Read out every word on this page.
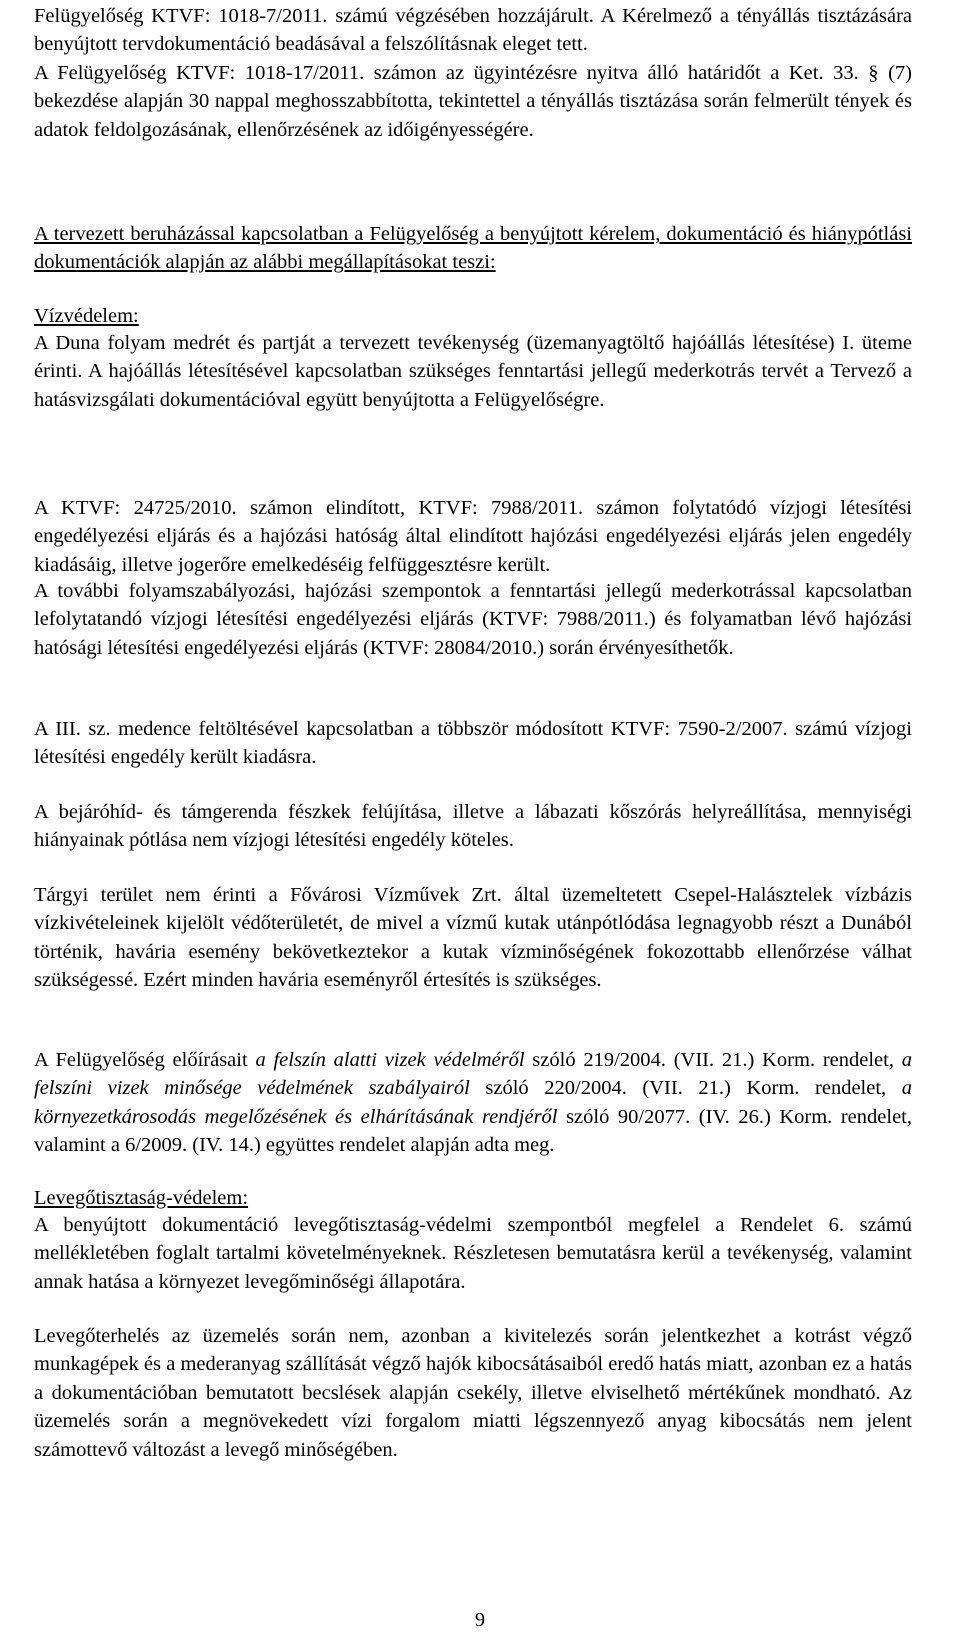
Felügyelőség KTVF: 1018-7/2011. számú végzésében hozzájárult. A Kérelmező a tényállás tisztázására benyújtott tervdokumentáció beadásával a felszólításnak eleget tett.

A Felügyelőség KTVF: 1018-17/2011. számon az ügyintézésre nyitva álló határidőt a Ket. 33. § (7) bekezdése alapján 30 nappal meghosszabbította, tekintettel a tényállás tisztázása során felmerült tények és adatok feldolgozásának, ellenőrzésének az időigényességére.

A tervezett beruházással kapcsolatban a Felügyelőség a benyújtott kérelem, dokumentáció és hiánypótlási dokumentációk alapján az alábbi megállapításokat teszi:

Vízvédelem:

A Duna folyam medrét és partját a tervezett tevékenység (üzemanyagtöltő hajóállás létesítése) I. üteme érinti. A hajóállás létesítésével kapcsolatban szükséges fenntartási jellegű mederkotrás tervét a Tervező a hatásvizsgálati dokumentációval együtt benyújtotta a Felügyelőségre.

A KTVF: 24725/2010. számon elindított, KTVF: 7988/2011. számon folytatódó vízjogi létesítési engedélyezési eljárás és a hajózási hatóság által elindított hajózási engedélyezési eljárás jelen engedély kiadásáig, illetve jogerőre emelkedéséig felfüggesztésre került.

A további folyamszabályozási, hajózási szempontok a fenntartási jellegű mederkotrással kapcsolatban lefolytatandó vízjogi létesítési engedélyezési eljárás (KTVF: 7988/2011.) és folyamatban lévő hajózási hatósági létesítési engedélyezési eljárás (KTVF: 28084/2010.) során érvényesíthetők.

A III. sz. medence feltöltésével kapcsolatban a többször módosított KTVF: 7590-2/2007. számú vízjogi létesítési engedély került kiadásra.

A bejáróhíd- és támgerenda fészkek felújítása, illetve a lábazati kőszórás helyreállítása, mennyiségi hiányainak pótlása nem vízjogi létesítési engedély köteles.

Tárgyi terület nem érinti a Fővárosi Vízművek Zrt. által üzemeltetett Csepel-Halásztelek vízbázis vízkivételeinek kijelölt védőterületét, de mivel a vízmű kutak utánpótlódása legnagyobb részt a Dunából történik, havária esemény bekövetkeztekor a kutak vízminőségének fokozottabb ellenőrzése válhat szükségessé. Ezért minden havária eseményről értesítés is szükséges.

A Felügyelőség előírásait a felszín alatti vizek védelméről szóló 219/2004. (VII. 21.) Korm. rendelet, a felszíni vizek minősége védelmének szabályairól szóló 220/2004. (VII. 21.) Korm. rendelet, a környezetkárosodás megelőzésének és elhárításának rendjéről szóló 90/2077. (IV. 26.) Korm. rendelet, valamint a 6/2009. (IV. 14.) együttes rendelet alapján adta meg.

Levegőtisztaság-védelem:

A benyújtott dokumentáció levegőtisztaság-védelmi szempontból megfelel a Rendelet 6. számú mellékletében foglalt tartalmi követelményeknek. Részletesen bemutatásra kerül a tevékenység, valamint annak hatása a környezet levegőminőségi állapotára.

Levegőterhelés az üzemelés során nem, azonban a kivitelezés során jelentkezhet a kotrást végző munkagépek és a mederanyag szállítását végző hajók kibocsátásaiból eredő hatás miatt, azonban ez a hatás a dokumentációban bemutatott becslések alapján csekély, illetve elviselhető mértékűnek mondható. Az üzemelés során a megnövekedett vízi forgalom miatti légszennyező anyag kibocsátás nem jelent számottevő változást a levegő minőségében.

9
